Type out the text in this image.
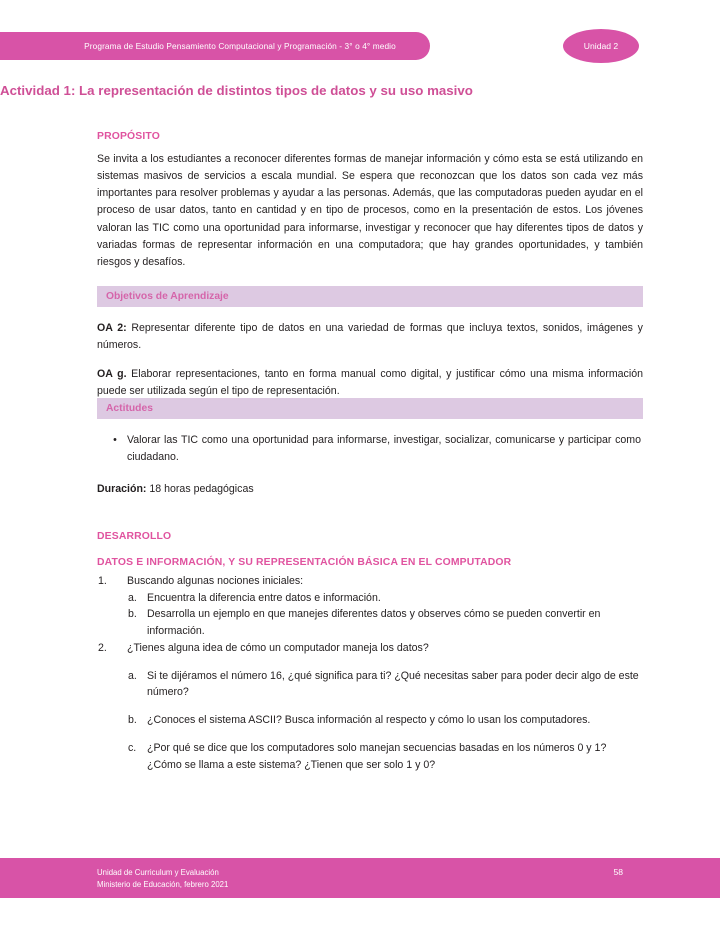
Programa de Estudio Pensamiento Computacional y Programación - 3° o 4° medio	Unidad 2
Actividad 1: La representación de distintos tipos de datos y su uso masivo
PROPÓSITO
Se invita a los estudiantes a reconocer diferentes formas de manejar información y cómo esta se está utilizando en sistemas masivos de servicios a escala mundial. Se espera que reconozcan que los datos son cada vez más importantes para resolver problemas y ayudar a las personas. Además, que las computadoras pueden ayudar en el proceso de usar datos, tanto en cantidad y en tipo de procesos, como en la presentación de estos. Los jóvenes valoran las TIC como una oportunidad para informarse, investigar y reconocer que hay diferentes tipos de datos y variadas formas de representar información en una computadora; que hay grandes oportunidades, y también riesgos y desafíos.
Objetivos de Aprendizaje
OA 2: Representar diferente tipo de datos en una variedad de formas que incluya textos, sonidos, imágenes y números.
OA g. Elaborar representaciones, tanto en forma manual como digital, y justificar cómo una misma información puede ser utilizada según el tipo de representación.
Actitudes
• Valorar las TIC como una oportunidad para informarse, investigar, socializar, comunicarse y participar como ciudadano.
Duración: 18 horas pedagógicas
DESARROLLO
DATOS E INFORMACIÓN, Y SU REPRESENTACIÓN BÁSICA EN EL COMPUTADOR
1.	Buscando algunas nociones iniciales:
a. Encuentra la diferencia entre datos e información.
b. Desarrolla un ejemplo en que manejes diferentes datos y observes cómo se pueden convertir en información.
2.	¿Tienes alguna idea de cómo un computador maneja los datos?
a. Si te dijéramos el número 16, ¿qué significa para ti? ¿Qué necesitas saber para poder decir algo de este número?
b. ¿Conoces el sistema ASCII? Busca información al respecto y cómo lo usan los computadores.
c.	¿Por qué se dice que los computadores solo manejan secuencias basadas en los números 0 y 1? ¿Cómo se llama a este sistema? ¿Tienen que ser solo 1 y 0?
Unidad de Curriculum y Evaluación
Ministerio de Educación, febrero 2021
58
